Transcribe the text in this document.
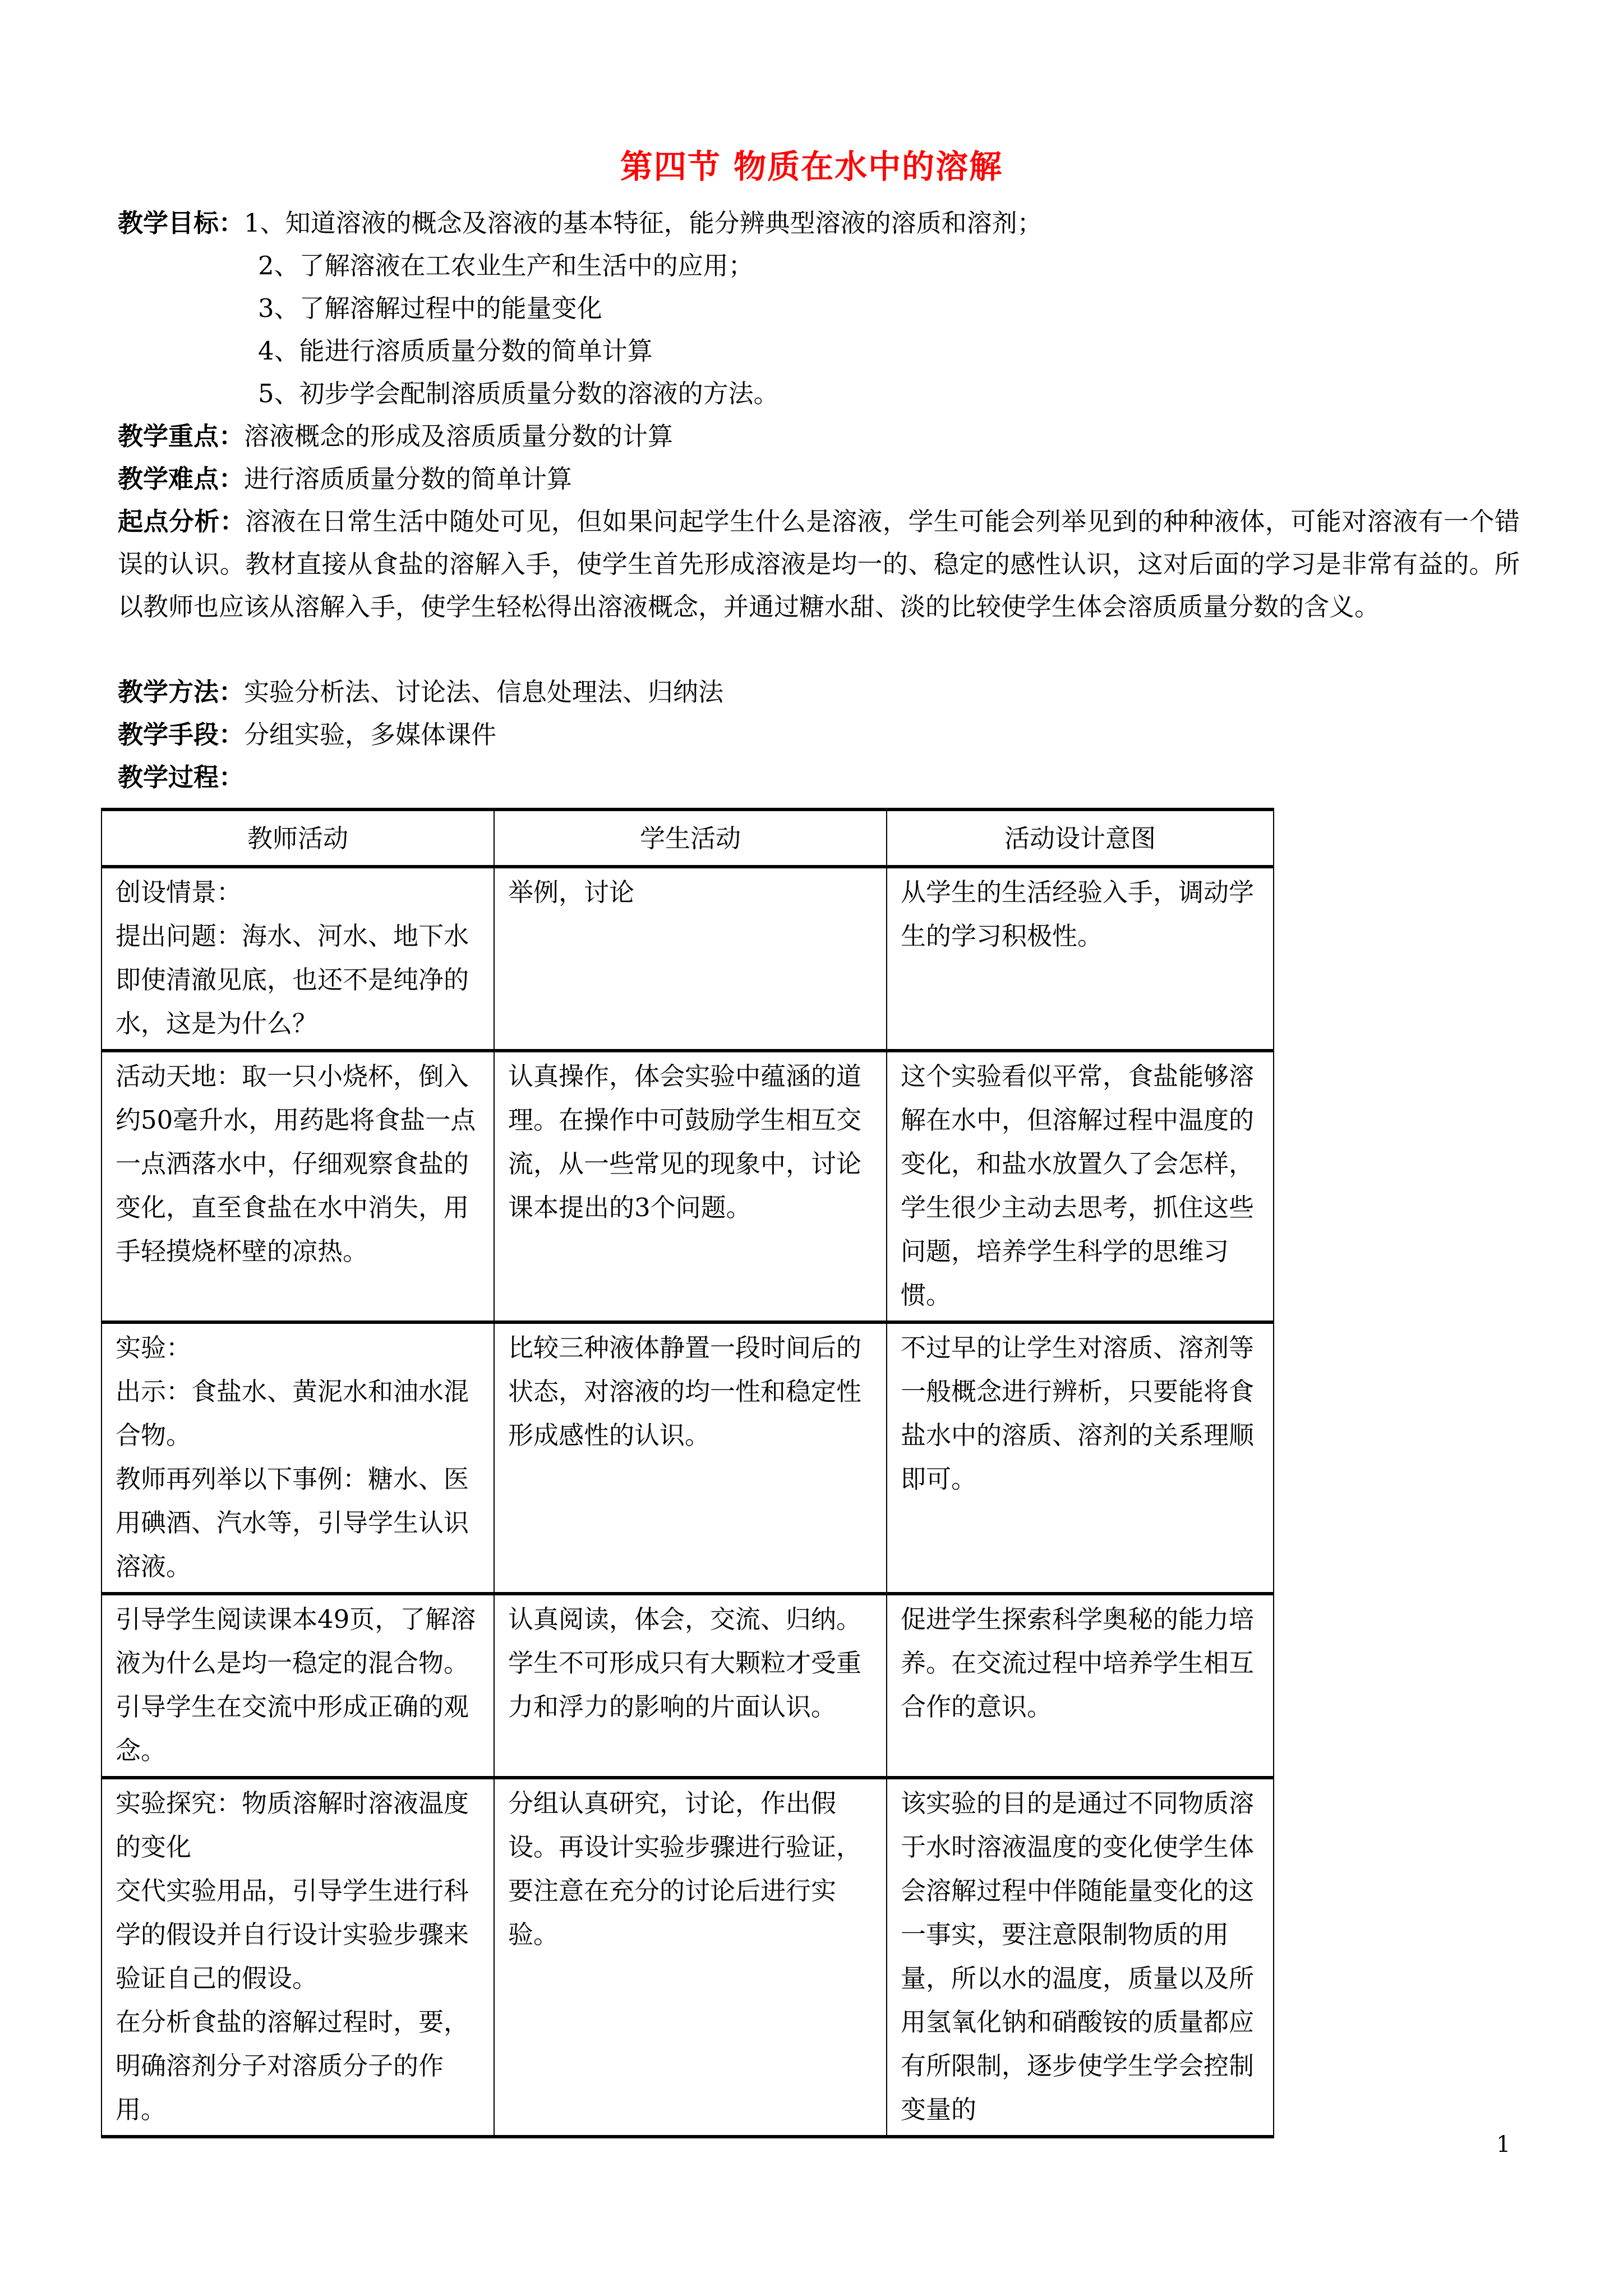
第四节 物质在水中的溶解
教学目标：1、知道溶液的概念及溶液的基本特征，能分辨典型溶液的溶质和溶剂；
2、了解溶液在工农业生产和生活中的应用；
3、了解溶解过程中的能量变化
4、能进行溶质质量分数的简单计算
5、初步学会配制溶质质量分数的溶液的方法。
教学重点：溶液概念的形成及溶质质量分数的计算
教学难点：进行溶质质量分数的简单计算
起点分析：溶液在日常生活中随处可见，但如果问起学生什么是溶液，学生可能会列举见到的种种液体，可能对溶液有一个错误的认识。教材直接从食盐的溶解入手，使学生首先形成溶液是均一的、稳定的感性认识，这对后面的学习是非常有益的。所以教师也应该从溶解入手，使学生轻松得出溶液概念，并通过糖水甜、淡的比较使学生体会溶质质量分数的含义。
教学方法：实验分析法、讨论法、信息处理法、归纳法
教学手段：分组实验，多媒体课件
教学过程：
教师活动	学生活动	活动设计意图

创设情景：
提出问题：海水、河水、地下水即使清澈见底，也还不是纯净的水，这是为什么？	举例，讨论	从学生的生活经验入手，调动学生的学习积极性。

活动天地：取一只小烧杯，倒入约50毫升水，用药匙将食盐一点一点洒落水中，仔细观察食盐的变化，直至食盐在水中消失，用手轻摸烧杯壁的凉热。	认真操作，体会实验中蕴涵的道理。在操作中可鼓励学生相互交流，从一些常见的现象中，讨论课本提出的3个问题。	这个实验看似平常，食盐能够溶解在水中，但溶解过程中温度的变化，和盐水放置久了会怎样，学生很少主动去思考，抓住这些问题，培养学生科学的思维习惯。

实验：
出示：食盐水、黄泥水和油水混合物。
教师再列举以下事例：糖水、医用碘酒、汽水等，引导学生认识溶液。	比较三种液体静置一段时间后的状态，对溶液的均一性和稳定性形成感性的认识。	不过早的让学生对溶质、溶剂等一般概念进行辨析，只要能将食盐水中的溶质、溶剂的关系理顺即可。

引导学生阅读课本49页，了解溶液为什么是均一稳定的混合物。
引导学生在交流中形成正确的观念。	认真阅读，体会，交流、归纳。学生不可形成只有大颗粒才受重力和浮力的影响的片面认识。	促进学生探索科学奥秘的能力培养。在交流过程中培养学生相互合作的意识。

实验探究：物质溶解时溶液温度的变化
交代实验用品，引导学生进行科学的假设并自行设计实验步骤来验证自己的假设。
在分析食盐的溶解过程时，要，明确溶剂分子对溶质分子的作用。	分组认真研究，讨论，作出假设。再设计实验步骤进行验证，要注意在充分的讨论后进行实验。	该实验的目的是通过不同物质溶于水时溶液温度的变化使学生体会溶解过程中伴随能量变化的这一事实，要注意限制物质的用量，所以水的温度，质量以及所用氢氧化钠和硝酸铵的质量都应有所限制，逐步使学生学会控制变量的
1
